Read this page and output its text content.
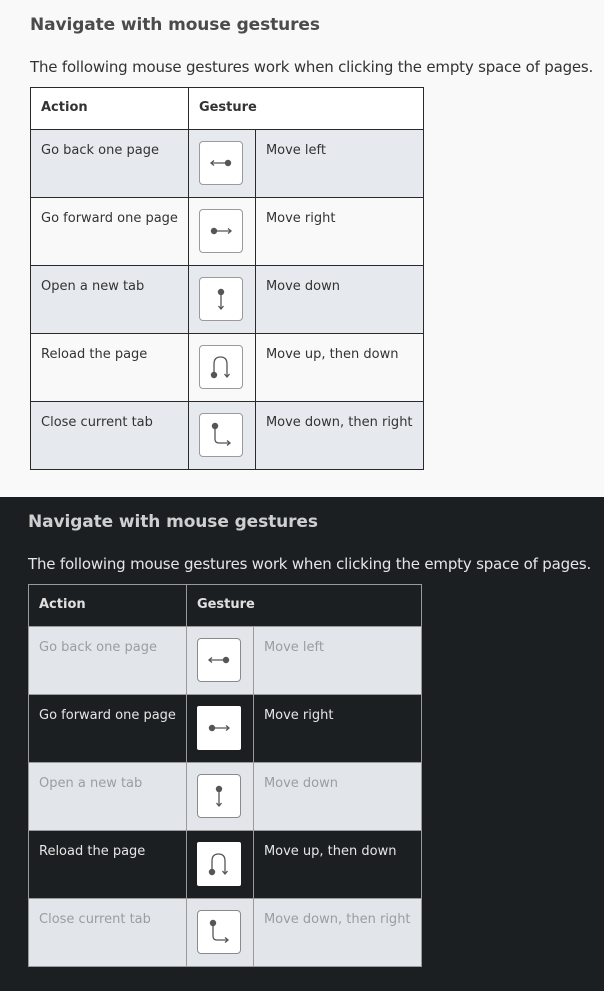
Navigate with mouse gestures

The following mouse gestures work when clicking the empty space of pages.

Action	Gesture	

Go back one page		Move left

Go forward one page		Move right

Open a new tab		Move down

Reload the page		Move up, then down

Close current tab		Move down, then right
Navigate with mouse gestures

The following mouse gestures work when clicking the empty space of pages.

Action	Gesture	

Go back one page		Move left

Go forward one page		Move right

Open a new tab		Move down

Reload the page		Move up, then down

Close current tab		Move down, then right
